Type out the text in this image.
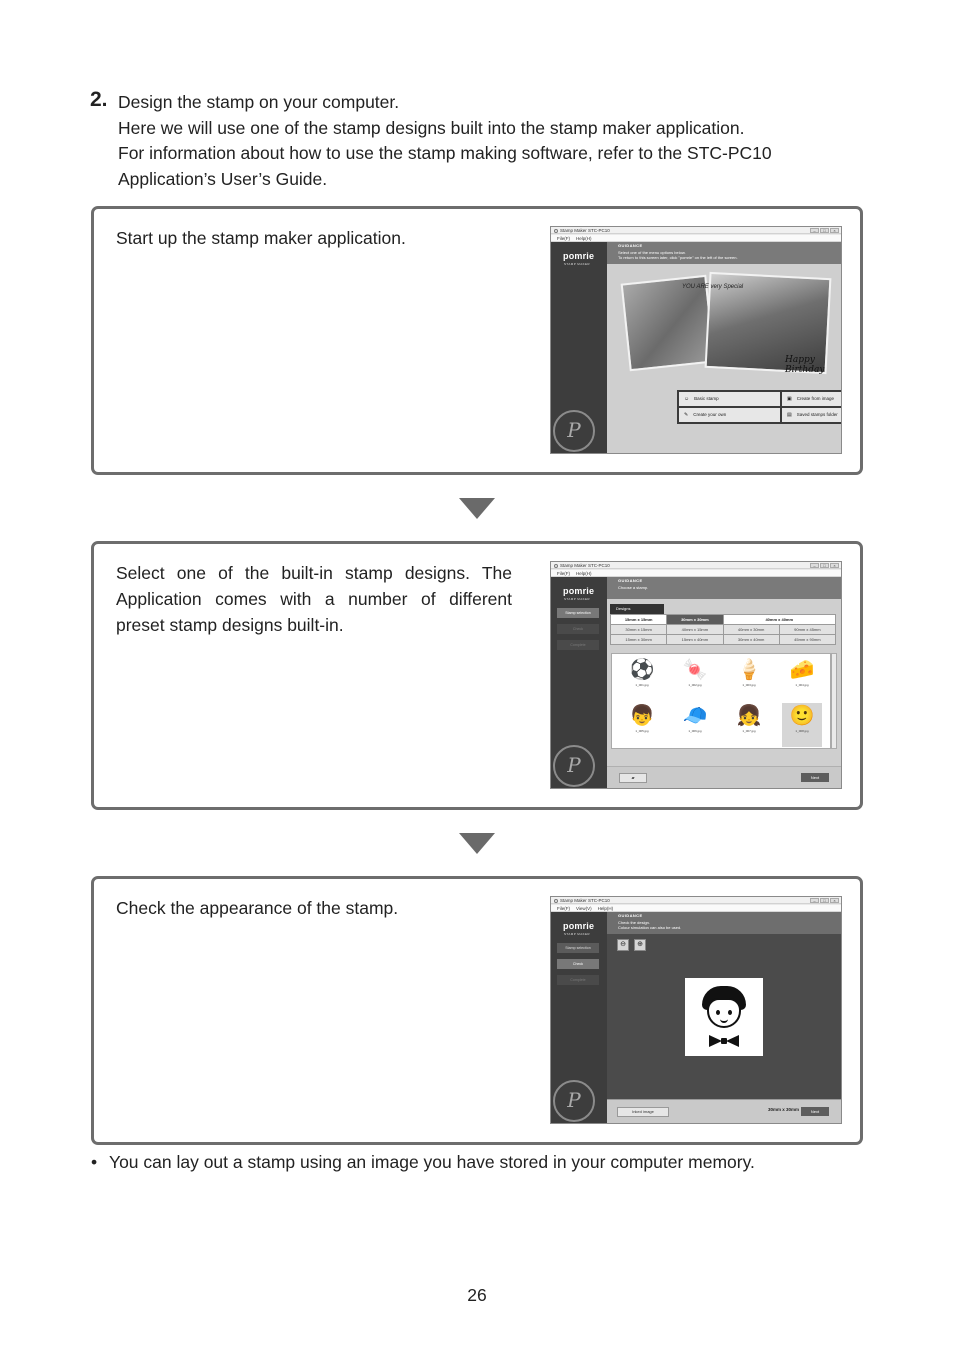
2. Design the stamp on your computer.
Here we will use one of the stamp designs built into the stamp maker application.
For information about how to use the stamp making software, refer to the STC-PC10
Application’s User’s Guide.
Start up the stamp maker application.	Stamp Maker STC-PC10	–	□	×
File(F) Help(H)
pomrie
STAMP MAKER
P
GUIDANCE
Select one of the menu options below.
To return to this screen later, click "pomrie" on the left of the screen.
YOU ARE very Special
Happy Birthday
☺ Basic stamp	▣ Create from image
✎ Create your own	▤ Saved stamps folder
Select one of the built-in stamp designs. The Application comes with a number of different preset stamp designs built-in.
Stamp Maker STC-PC10	–	□	×
File(F) Help(H)
pomrie
STAMP MAKER
Stamp selection
Check
Complete
P
GUIDANCE
Choose a stamp.
Designs
15mm x 15mm	30mm x 30mm	40mm x 40mm
30mm x 15mm	40mm x 15mm	40mm x 30mm	90mm x 45mm
15mm x 30mm	15mm x 40mm	30mm x 40mm	45mm x 90mm
⚽
1_001.jpg
🍬
1_002.jpg
🍦
1_003.jpg
🧀
1_004.jpg
👦
1_005.jpg
🧢
1_006.jpg
👧
1_007.jpg
🙂
1_008.jpg
▰	Next
Check the appearance of the stamp.	Stamp Maker STC-PC10	–	□	×
File(F) View(V) Help(H)
pomrie
STAMP MAKER
Stamp selection
Check
Complete
P
GUIDANCE
Check the design.
Colour simulation can also be used.
⊖	⊕
Inked image	30mm x 30mm	Next
• You can lay out a stamp using an image you have stored in your computer memory.
26
